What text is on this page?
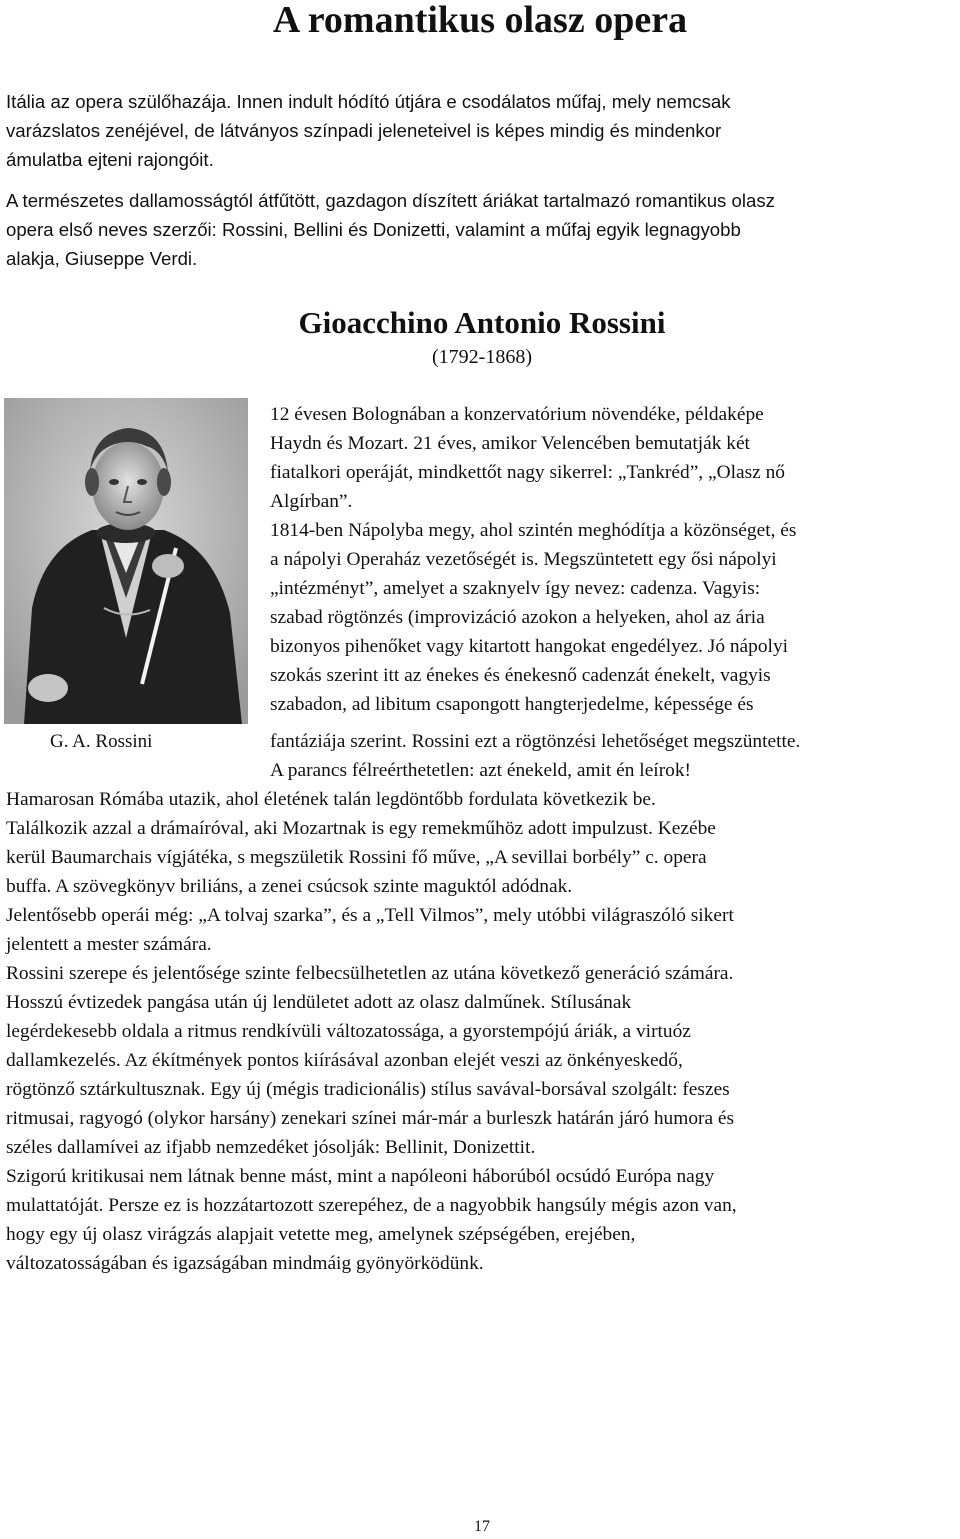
A romantikus olasz opera

Itália az opera szülőhazája. Innen indult hódító útjára e csodálatos műfaj, mely nemcsak

varázslatos zenéjével, de látványos színpadi jeleneteivel is képes mindig és mindenkor

ámulatba ejteni rajongóit.

A természetes dallamosságtól átfűtött, gazdagon díszített áriákat tartalmazó romantikus olasz

opera első neves szerzői: Rossini, Bellini és Donizetti, valamint a műfaj egyik legnagyobb

alakja, Giuseppe Verdi.

Gioacchino Antonio Rossini
(1792-1868)
G. A. Rossini
12 évesen Bolognában a konzervatórium növendéke, példaképe
Haydn és Mozart. 21 éves, amikor Velencében bemutatják két
fiatalkori operáját, mindkettőt nagy sikerrel: „Tankréd”, „Olasz nő
Algírban”.
1814-ben Nápolyba megy, ahol szintén meghódítja a közönséget, és
a nápolyi Operaház vezetőségét is. Megszüntetett egy ősi nápolyi
„intézményt”, amelyet a szaknyelv így nevez: cadenza. Vagyis:
szabad rögtönzés (improvizáció azokon a helyeken, ahol az ária
bizonyos pihenőket vagy kitartott hangokat engedélyez. Jó nápolyi
szokás szerint itt az énekes és énekesnő cadenzát énekelt, vagyis
szabadon, ad libitum csapongott hangterjedelme, képessége és
fantáziája szerint. Rossini ezt a rögtönzési lehetőséget megszüntette.
A parancs félreérthetetlen: azt énekeld, amit én leírok!

Hamarosan Rómába utazik, ahol életének talán legdöntőbb fordulata következik be.

Találkozik azzal a drámaíróval, aki Mozartnak is egy remekműhöz adott impulzust. Kezébe

kerül Baumarchais vígjátéka, s megszületik Rossini fő műve, „A sevillai borbély” c. opera

buffa. A szövegkönyv briliáns, a zenei csúcsok szinte maguktól adódnak.

Jelentősebb operái még: „A tolvaj szarka”, és a „Tell Vilmos”, mely utóbbi világraszóló sikert

jelentett a mester számára.

Rossini szerepe és jelentősége szinte felbecsülhetetlen az utána következő generáció számára.

Hosszú évtizedek pangása után új lendületet adott az olasz dalműnek. Stílusának

legérdekesebb oldala a ritmus rendkívüli változatossága, a gyorstempójú áriák, a virtuóz

dallamkezelés. Az ékítmények pontos kiírásával azonban elejét veszi az önkényeskedő,

rögtönző sztárkultusznak. Egy új (mégis tradicionális) stílus savával-borsával szolgált: feszes

ritmusai, ragyogó (olykor harsány) zenekari színei már-már a burleszk határán járó humora és

széles dallamívei az ifjabb nemzedéket jósolják: Bellinit, Donizettit.

Szigorú kritikusai nem látnak benne mást, mint a napóleoni háborúból ocsúdó Európa nagy

mulattatóját. Persze ez is hozzátartozott szerepéhez, de a nagyobbik hangsúly mégis azon van,

hogy egy új olasz virágzás alapjait vetette meg, amelynek szépségében, erejében,

változatosságában és igazságában mindmáig gyönyörködünk.

17
